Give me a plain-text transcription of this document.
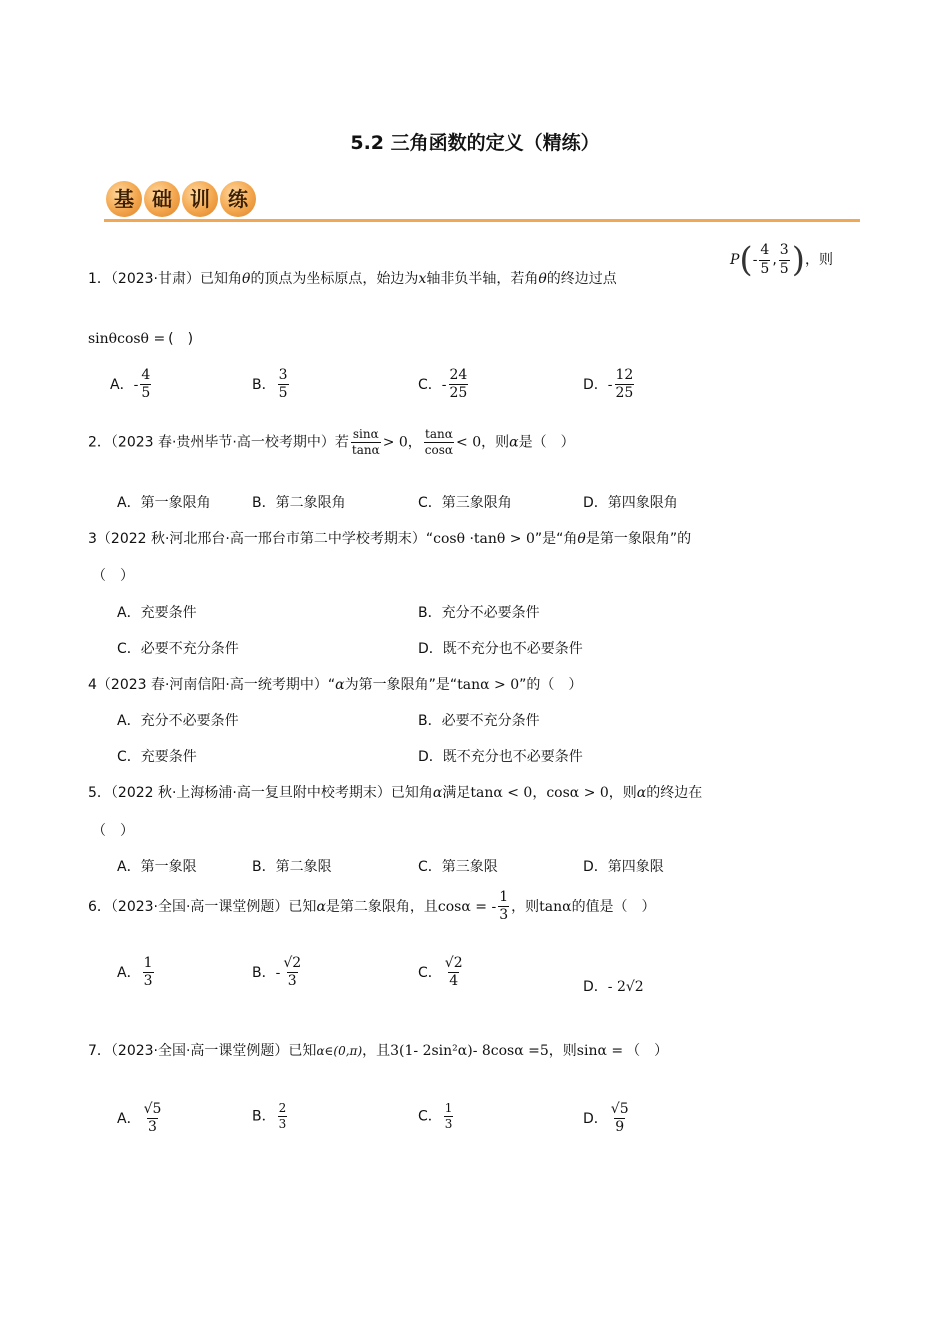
5.2 三角函数的定义（精练）
基 础 训 练
1．（2023·甘肃）已知角θ的顶点为坐标原点，始边为x轴非负半轴，若角θ的终边过点
$P(- \frac{4}{5}$ , $\frac{3}{5}$ )，则
sinθcosθ = (　)
A．- $\frac{4}{5}$	B． $\frac{3}{5}$	C．- $\frac{24}{25}$	D．- $\frac{12}{25}$
2．（2023 春·贵州毕节·高一校考期中）若 $\frac{\sin\alpha}{\tan\alpha} > 0$， $\frac{\tan\alpha}{\cos\alpha} < 0$，则α是（　）
A．第一象限角	B．第二象限角	C．第三象限角	D．第四象限角
3（2022 秋·河北邢台·高一邢台市第二中学校考期末）“cosθ ·tanθ > 0”是“角θ是第一象限角”的
（　）
A．充要条件	B．充分不必要条件
C．必要不充分条件	D．既不充分也不必要条件
4（2023 春·河南信阳·高一统考期中）“α为第一象限角”是“tanα > 0”的（　）
A．充分不必要条件	B．必要不充分条件
C．充要条件	D．既不充分也不必要条件
5．（2022 秋·上海杨浦·高一复旦附中校考期末）已知角α满足tanα < 0，cosα > 0，则α的终边在
（　）
A．第一象限	B．第二象限	C．第三象限	D．第四象限
6．（2023·全国·高一课堂例题）已知α是第二象限角，且cosα = - $\frac{1}{3}$ ，则tanα的值是（　）
A． $\frac{1}{3}$	B．- $\frac{√2}{3}$	C． $\frac{√2}{4}$	D．- 2√2
7．（2023·全国·高一课堂例题）已知α∈(0,π)，且3(1- 2sin²α)- 8cosα =5，则sinα = （　）
A． $\frac{√5}{3}$	B． $\frac{2}{3}$	C． $\frac{1}{3}$	D． $\frac{√5}{9}$
